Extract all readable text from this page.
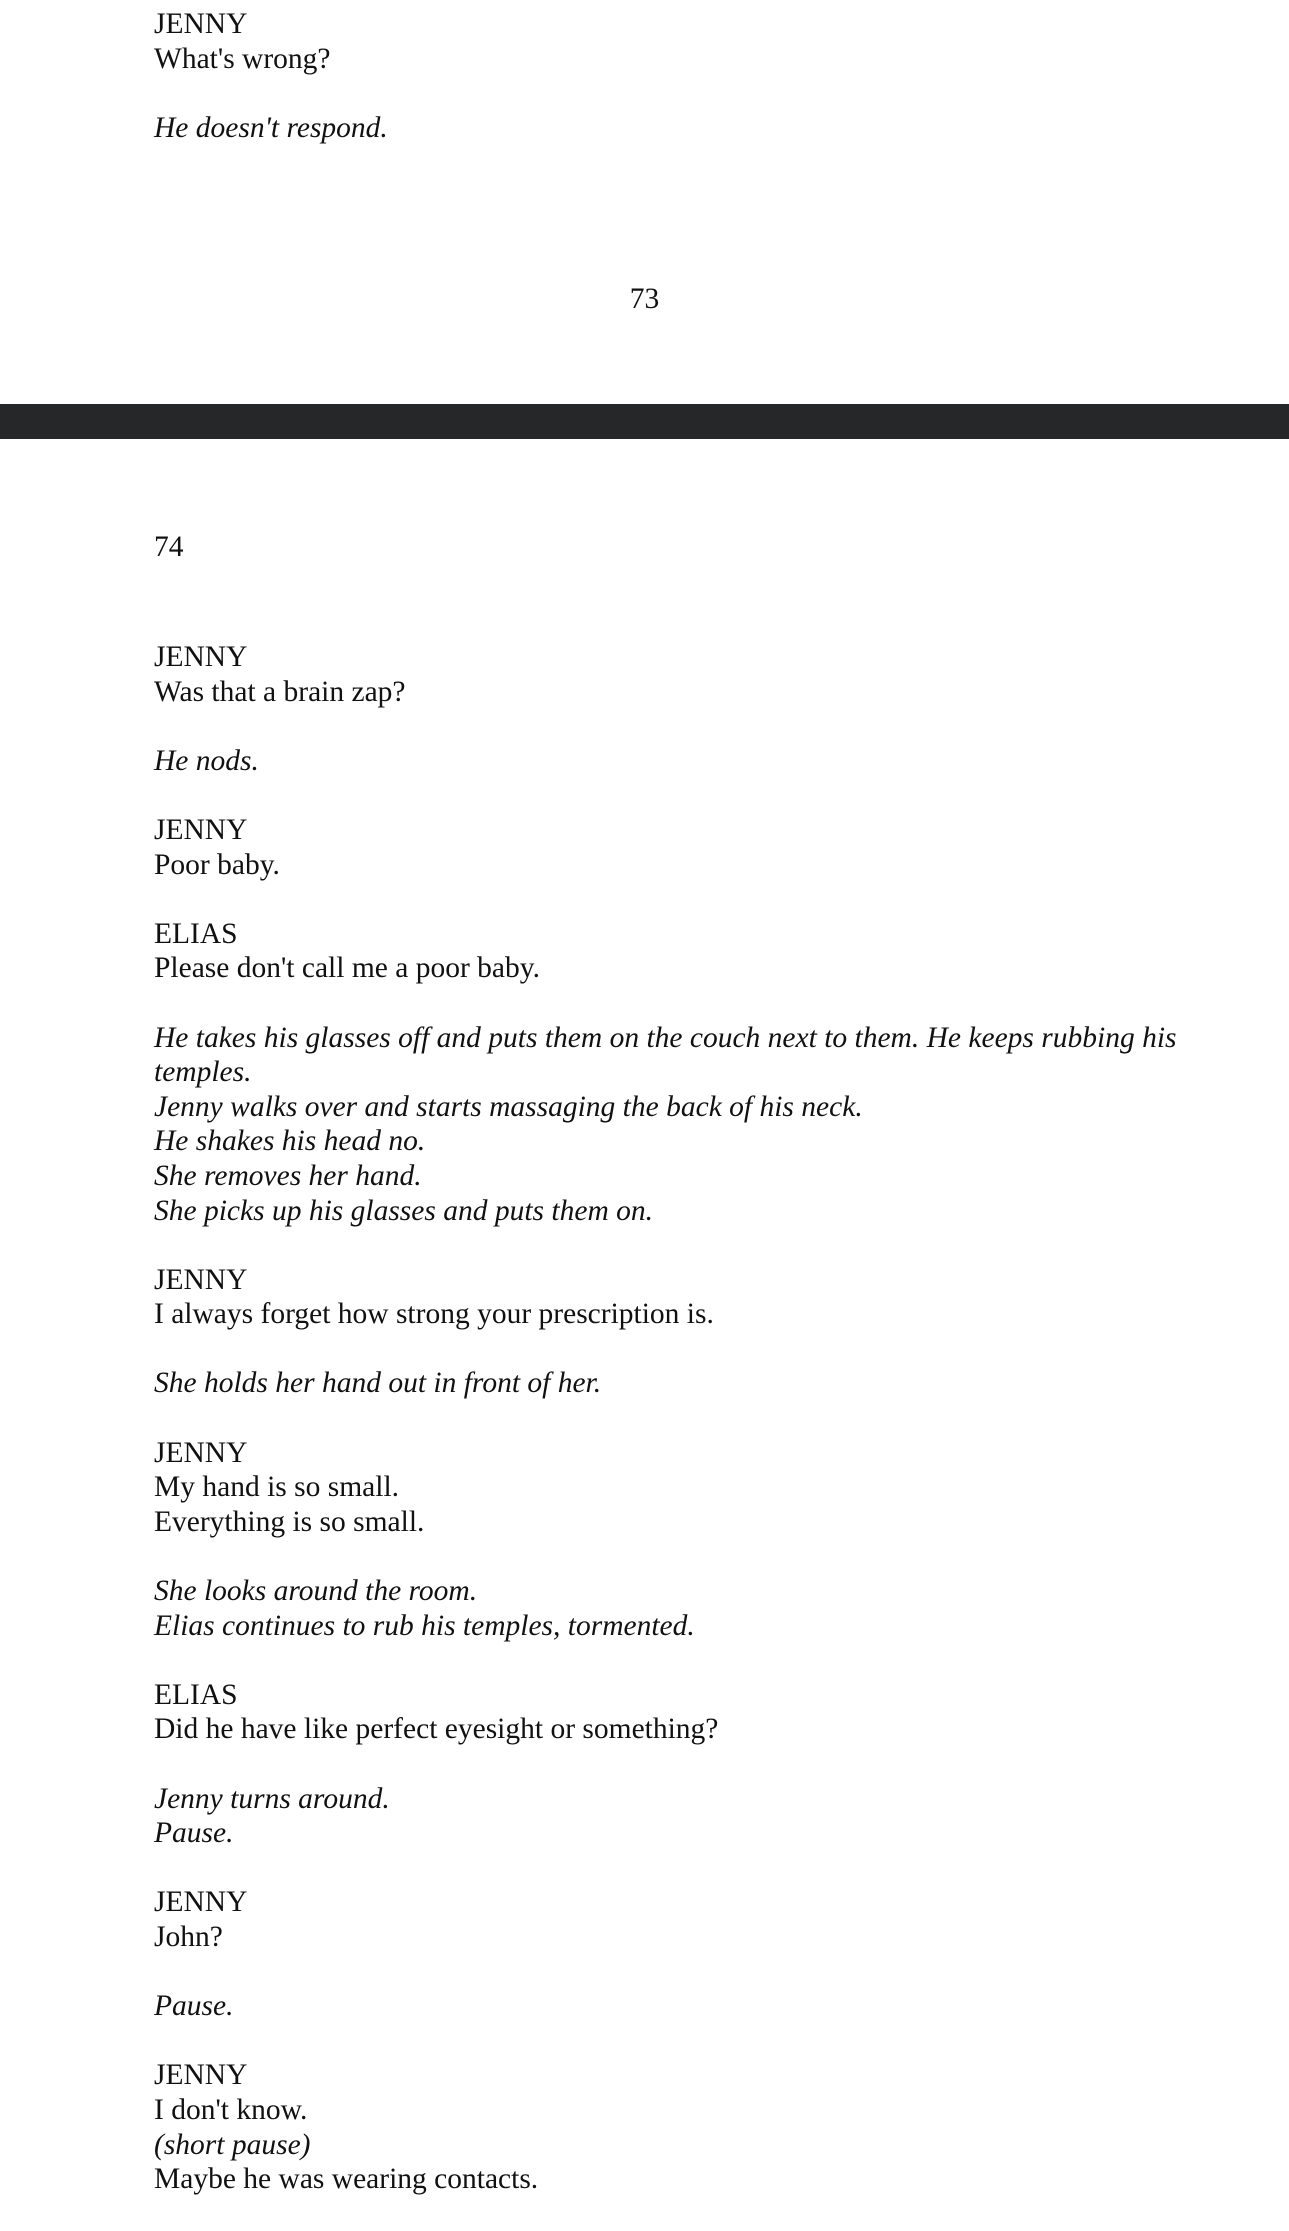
JENNY
What's wrong?
He doesn't respond.
73
74
JENNY
Was that a brain zap?
He nods.
JENNY
Poor baby.
ELIAS
Please don't call me a poor baby.
He takes his glasses off and puts them on the couch next to them. He keeps rubbing his temples.
Jenny walks over and starts massaging the back of his neck.
He shakes his head no.
She removes her hand.
She picks up his glasses and puts them on.
JENNY
I always forget how strong your prescription is.
She holds her hand out in front of her.
JENNY
My hand is so small.
Everything is so small.
She looks around the room.
Elias continues to rub his temples, tormented.
ELIAS
Did he have like perfect eyesight or something?
Jenny turns around.
Pause.
JENNY
John?
Pause.
JENNY
I don't know.
(short pause)
Maybe he was wearing contacts.
